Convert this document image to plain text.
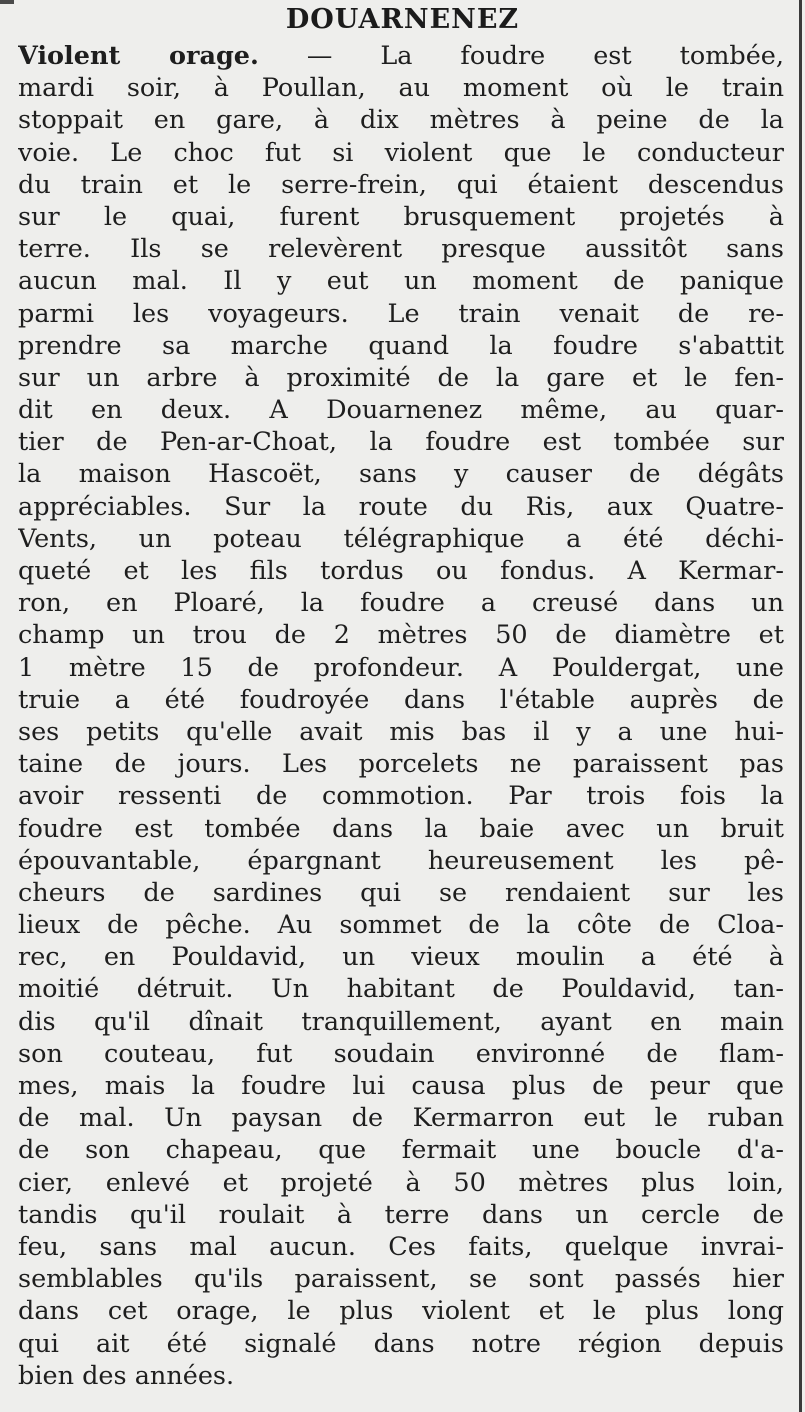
DOUARNENEZ
Violent orage. — La foudre est tombée,
mardi soir, à Poullan, au moment où le train
stoppait en gare, à dix mètres à peine de la
voie. Le choc fut si violent que le conducteur
du train et le serre-frein, qui étaient descendus
sur le quai, furent brusquement projetés à
terre. Ils se relevèrent presque aussitôt sans
aucun mal. Il y eut un moment de panique
parmi les voyageurs. Le train venait de re-
prendre sa marche quand la foudre s'abattit
sur un arbre à proximité de la gare et le fen-
dit en deux. A Douarnenez même, au quar-
tier de Pen-ar-Choat, la foudre est tombée sur
la maison Hascoët, sans y causer de dégâts
appréciables. Sur la route du Ris, aux Quatre-
Vents, un poteau télégraphique a été déchi-
queté et les fils tordus ou fondus. A Kermar-
ron, en Ploaré, la foudre a creusé dans un
champ un trou de 2 mètres 50 de diamètre et
1 mètre 15 de profondeur. A Pouldergat, une
truie a été foudroyée dans l'étable auprès de
ses petits qu'elle avait mis bas il y a une hui-
taine de jours. Les porcelets ne paraissent pas
avoir ressenti de commotion. Par trois fois la
foudre est tombée dans la baie avec un bruit
épouvantable, épargnant heureusement les pê-
cheurs de sardines qui se rendaient sur les
lieux de pêche. Au sommet de la côte de Cloa-
rec, en Pouldavid, un vieux moulin a été à
moitié détruit. Un habitant de Pouldavid, tan-
dis qu'il dînait tranquillement, ayant en main
son couteau, fut soudain environné de flam-
mes, mais la foudre lui causa plus de peur que
de mal. Un paysan de Kermarron eut le ruban
de son chapeau, que fermait une boucle d'a-
cier, enlevé et projeté à 50 mètres plus loin,
tandis qu'il roulait à terre dans un cercle de
feu, sans mal aucun. Ces faits, quelque invrai-
semblables qu'ils paraissent, se sont passés hier
dans cet orage, le plus violent et le plus long
qui ait été signalé dans notre région depuis
bien des années.
